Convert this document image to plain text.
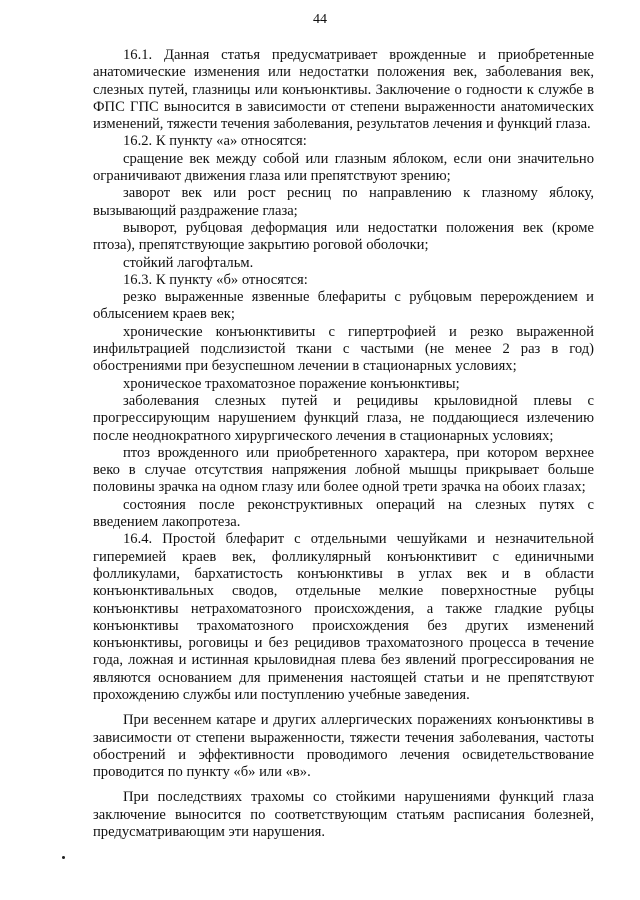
44

16.1. Данная статья предусматривает врожденные и приобретенные анатомические изменения или недостатки положения век, заболевания век, слезных путей, глазницы или конъюнктивы. Заключение о годности к службе в ФПС ГПС выносится в зависимости от степени выраженности анатомических изменений, тяжести течения заболевания, результатов лечения и функций глаза.

16.2. К пункту «а» относятся:

сращение век между собой или глазным яблоком, если они значительно ограничивают движения глаза или препятствуют зрению;

заворот век или рост ресниц по направлению к глазному яблоку, вызывающий раздражение глаза;

выворот, рубцовая деформация или недостатки положения век (кроме птоза), препятствующие закрытию роговой оболочки;

стойкий лагофтальм.

16.3. К пункту «б» относятся:

резко выраженные язвенные блефариты с рубцовым перерождением и облысением краев век;

хронические конъюнктивиты с гипертрофией и резко выраженной инфильтрацией подслизистой ткани с частыми (не менее 2 раз в год) обострениями при безуспешном лечении в стационарных условиях;

хроническое трахоматозное поражение конъюнктивы;

заболевания слезных путей и рецидивы крыловидной плевы с прогрессирующим нарушением функций глаза, не поддающиеся излечению после неоднократного хирургического лечения в стационарных условиях;

птоз врожденного или приобретенного характера, при котором верхнее веко в случае отсутствия напряжения лобной мышцы прикрывает больше половины зрачка на одном глазу или более одной трети зрачка на обоих глазах;

состояния после реконструктивных операций на слезных путях с введением лакопротеза.

16.4. Простой блефарит с отдельными чешуйками и незначительной гиперемией краев век, фолликулярный конъюнктивит с единичными фолликулами, бархатистость конъюнктивы в углах век и в области конъюнктивальных сводов, отдельные мелкие поверхностные рубцы конъюнктивы нетрахоматозного происхождения, а также гладкие рубцы конъюнктивы трахоматозного происхождения без других изменений конъюнктивы, роговицы и без рецидивов трахоматозного процесса в течение года, ложная и истинная крыловидная плева без явлений прогрессирования не являются основанием для применения настоящей статьи и не препятствуют прохождению службы или поступлению учебные заведения.

При весеннем катаре и других аллергических поражениях конъюнктивы в зависимости от степени выраженности, тяжести течения заболевания, частоты обострений и эффективности проводимого лечения освидетельствование проводится по пункту «б» или «в».

При последствиях трахомы со стойкими нарушениями функций глаза заключение выносится по соответствующим статьям расписания болезней, предусматривающим эти нарушения.
